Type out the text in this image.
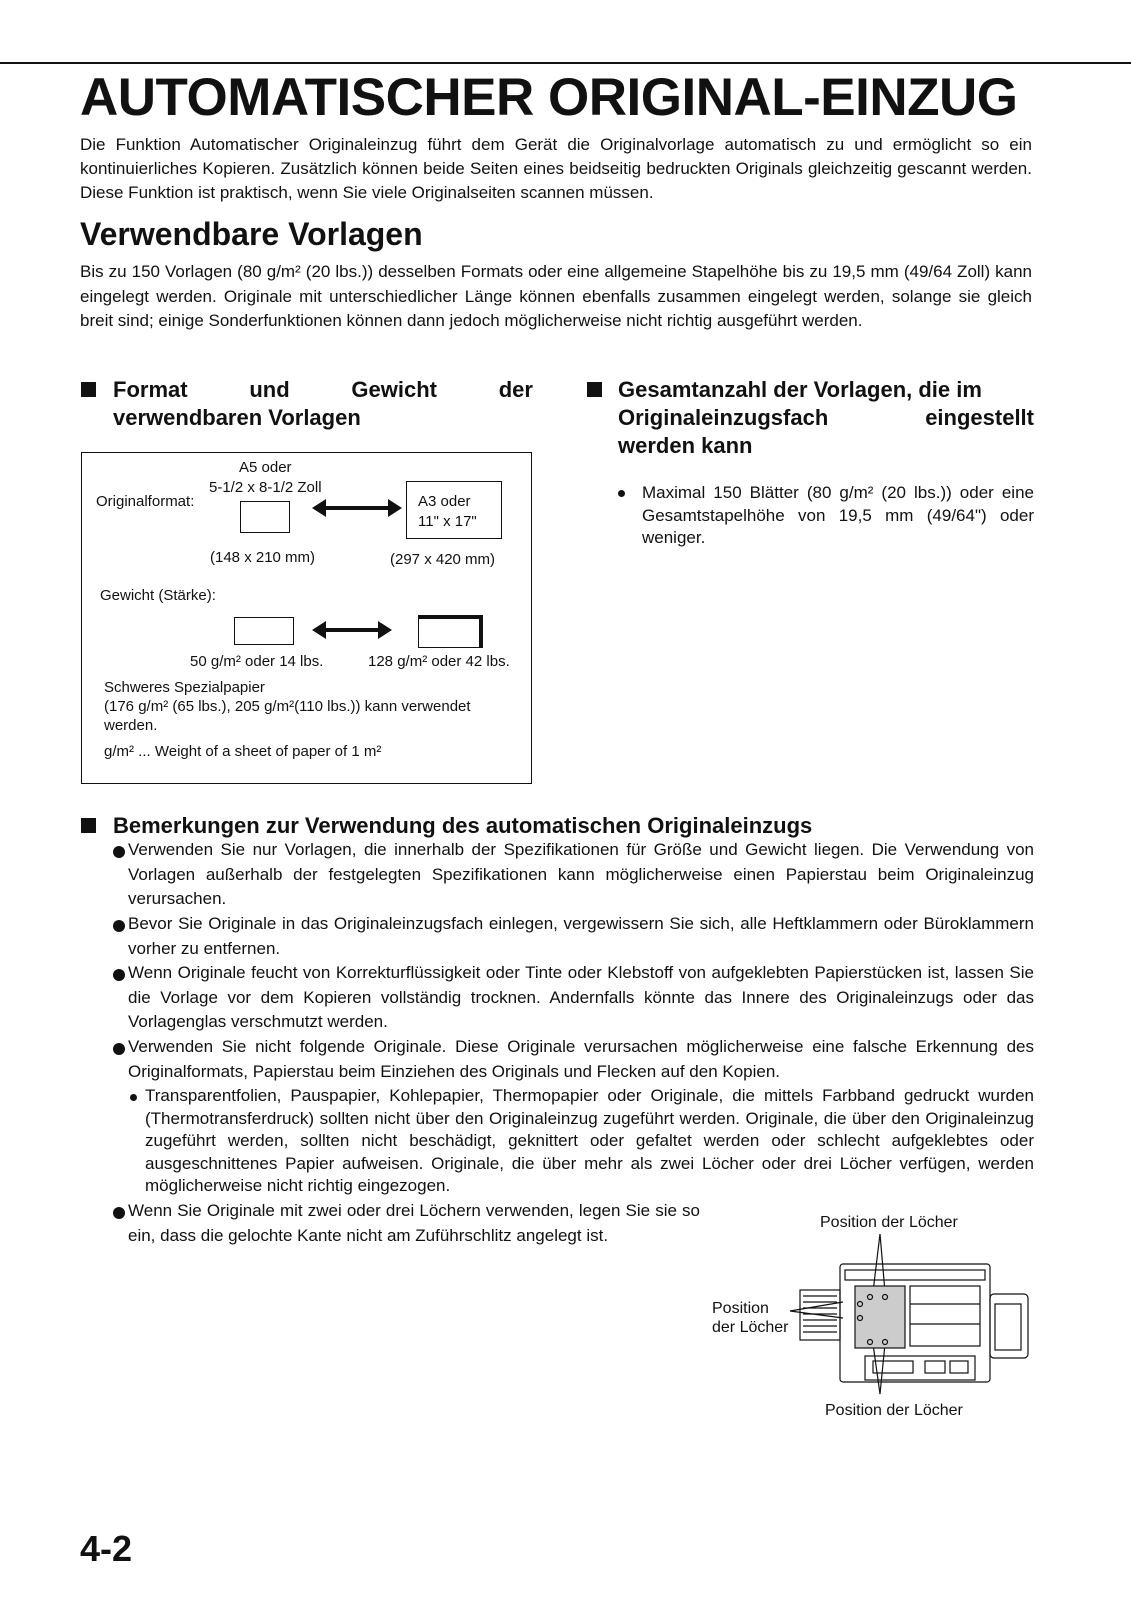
AUTOMATISCHER ORIGINAL-EINZUG
Die Funktion Automatischer Originaleinzug führt dem Gerät die Originalvorlage automatisch zu und ermöglicht so ein kontinuierliches Kopieren. Zusätzlich können beide Seiten eines beidseitig bedruckten Originals gleichzeitig gescannt werden. Diese Funktion ist praktisch, wenn Sie viele Originalseiten scannen müssen.
Verwendbare Vorlagen
Bis zu 150 Vorlagen (80 g/m² (20 lbs.)) desselben Formats oder eine allgemeine Stapelhöhe bis zu 19,5 mm (49/64 Zoll) kann eingelegt werden. Originale mit unterschiedlicher Länge können ebenfalls zusammen eingelegt werden, solange sie gleich breit sind; einige Sonderfunktionen können dann jedoch möglicherweise nicht richtig ausgeführt werden.
Format	und	Gewicht	der
verwendbaren Vorlagen
Gesamtanzahl der Vorlagen, die im
Originaleinzugsfach	eingestellt
werden kann
Maximal 150 Blätter (80 g/m² (20 lbs.)) oder eine Gesamtstapelhöhe von 19,5 mm (49/64") oder weniger.
Originalformat:
A5 oder
5-1/2 x 8-1/2 Zoll
A3 oder
11" x 17"
(148 x 210 mm)	(297 x 420 mm)
Gewicht (Stärke):
50 g/m² oder 14 lbs.	128 g/m² oder 42 lbs.
Schweres Spezialpapier
(176 g/m² (65 lbs.), 205 g/m²(110 lbs.)) kann verwendet
werden.
g/m² ... Weight of a sheet of paper of 1 m²
Bemerkungen zur Verwendung des automatischen Originaleinzugs
Verwenden Sie nur Vorlagen, die innerhalb der Spezifikationen für Größe und Gewicht liegen. Die Verwendung von Vorlagen außerhalb der festgelegten Spezifikationen kann möglicherweise einen Papierstau beim Originaleinzug verursachen.
Bevor Sie Originale in das Originaleinzugsfach einlegen, vergewissern Sie sich, alle Heftklammern oder Büroklammern vorher zu entfernen.
Wenn Originale feucht von Korrekturflüssigkeit oder Tinte oder Klebstoff von aufgeklebten Papierstücken ist, lassen Sie die Vorlage vor dem Kopieren vollständig trocknen. Andernfalls könnte das Innere des Originaleinzugs oder das Vorlagenglas verschmutzt werden.
Verwenden Sie nicht folgende Originale. Diese Originale verursachen möglicherweise eine falsche Erkennung des Originalformats, Papierstau beim Einziehen des Originals und Flecken auf den Kopien.
Transparentfolien, Pauspapier, Kohlepapier, Thermopapier oder Originale, die mittels Farbband gedruckt wurden (Thermotransferdruck) sollten nicht über den Originaleinzug zugeführt werden. Originale, die über den Originaleinzug zugeführt werden, sollten nicht beschädigt, geknittert oder gefaltet werden oder schlecht aufgeklebtes oder ausgeschnittenes Papier aufweisen. Originale, die über mehr als zwei Löcher oder drei Löcher verfügen, werden möglicherweise nicht richtig eingezogen.
Wenn Sie Originale mit zwei oder drei Löchern verwenden, legen Sie sie so ein, dass die gelochte Kante nicht am Zuführschlitz angelegt ist.
Position der Löcher
Position
der Löcher
Position der Löcher
4-2
